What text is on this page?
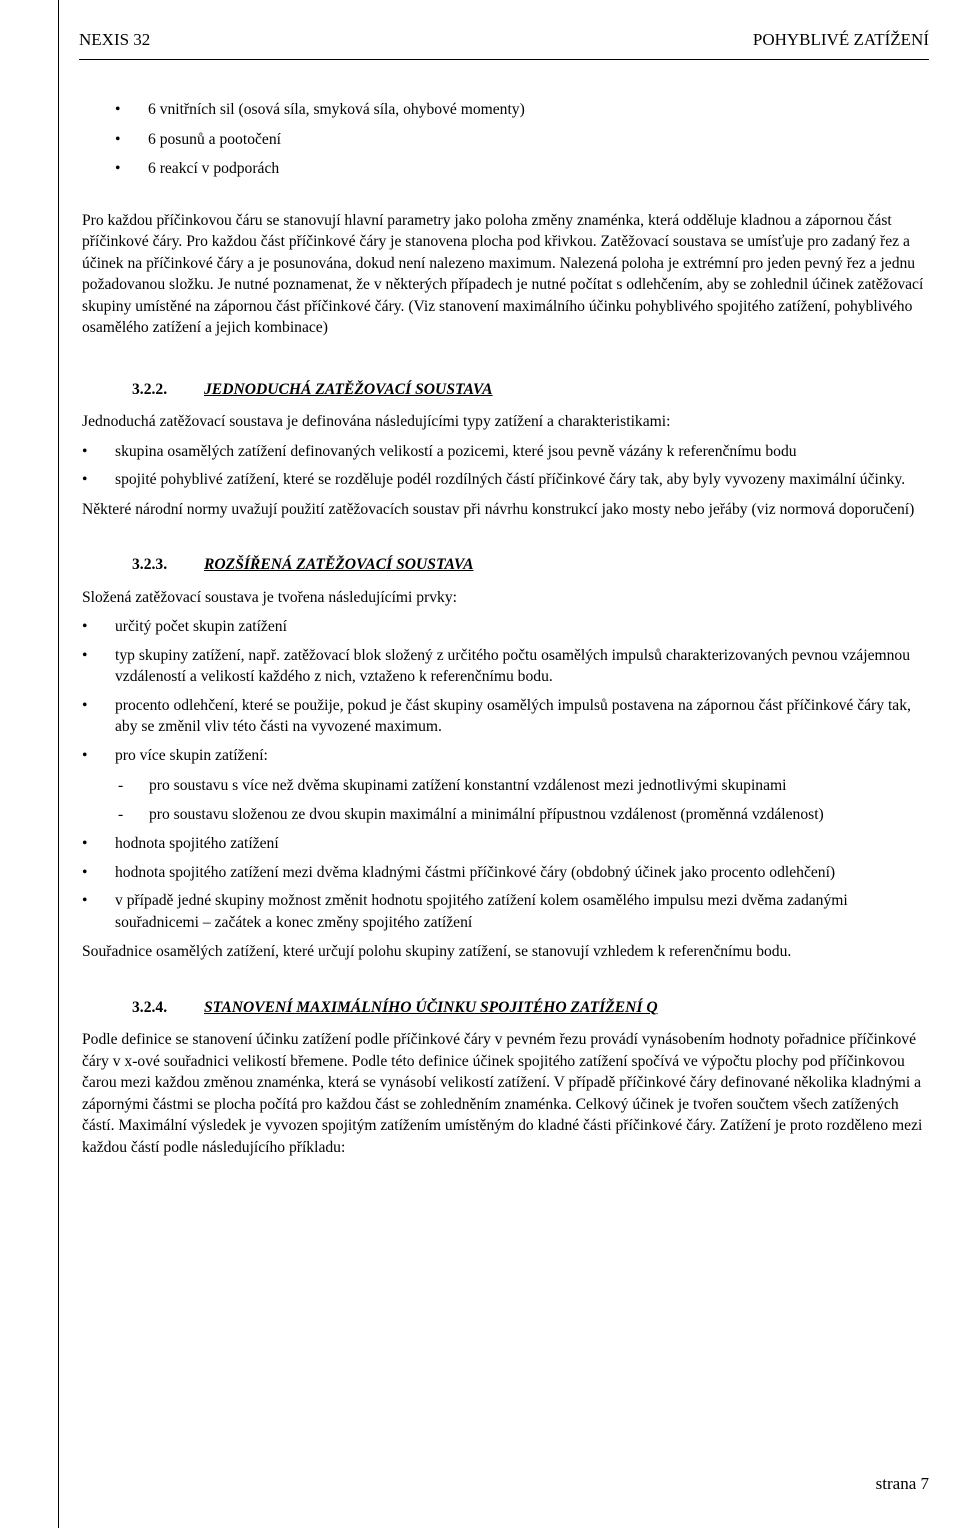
NEXIS 32	POHYBLIVÉ ZATÍŽENÍ
• 6 vnitřních sil (osová síla, smyková síla, ohybové momenty)
• 6 posunů a pootočení
• 6 reakcí v podporách

Pro každou příčinkovou čáru se stanovují hlavní parametry jako poloha změny znaménka, která odděluje kladnou a zápornou část příčinkové čáry. Pro každou část příčinkové čáry je stanovena plocha pod křivkou. Zatěžovací soustava se umísťuje pro zadaný řez a účinek na příčinkové čáry a je posunována, dokud není nalezeno maximum. Nalezená poloha je extrémní pro jeden pevný řez a jednu požadovanou složku. Je nutné poznamenat, že v některých případech je nutné počítat s odlehčením, aby se zohlednil účinek zatěžovací skupiny umístěné na zápornou část příčinkové čáry. (Viz stanovení maximálního účinku pohyblivého spojitého zatížení, pohyblivého osamělého zatížení a jejich kombinace)

3.2.2. JEDNODUCHÁ ZATĚŽOVACÍ SOUSTAVA

Jednoduchá zatěžovací soustava je definována následujícími typy zatížení a charakteristikami:

• skupina osamělých zatížení definovaných velikostí a pozicemi, které jsou pevně vázány k referenčnímu bodu
• spojité pohyblivé zatížení, které se rozděluje podél rozdílných částí příčinkové čáry tak, aby byly vyvozeny maximální účinky.

Některé národní normy uvažují použití zatěžovacích soustav při návrhu konstrukcí jako mosty nebo jeřáby (viz normová doporučení)

3.2.3. ROZŠÍŘENÁ ZATĚŽOVACÍ SOUSTAVA

Složená zatěžovací soustava je tvořena následujícími prvky:

• určitý počet skupin zatížení
• typ skupiny zatížení, např. zatěžovací blok složený z určitého počtu osamělých impulsů charakterizovaných pevnou vzájemnou vzdáleností a velikostí každého z nich, vztaženo k referenčnímu bodu.
• procento odlehčení, které se použije, pokud je část skupiny osamělých impulsů postavena na zápornou část příčinkové čáry tak, aby se změnil vliv této části na vyvozené maximum.
• pro více skupin zatížení:
- pro soustavu s více než dvěma skupinami zatížení konstantní vzdálenost mezi jednotlivými skupinami
- pro soustavu složenou ze dvou skupin maximální a minimální přípustnou vzdálenost (proměnná vzdálenost)
• hodnota spojitého zatížení
• hodnota spojitého zatížení mezi dvěma kladnými částmi příčinkové čáry (obdobný účinek jako procento odlehčení)
• v případě jedné skupiny možnost změnit hodnotu spojitého zatížení kolem osamělého impulsu mezi dvěma zadanými souřadnicemi – začátek a konec změny spojitého zatížení

Souřadnice osamělých zatížení, které určují polohu skupiny zatížení, se stanovují vzhledem k referenčnímu bodu.

3.2.4. STANOVENÍ MAXIMÁLNÍHO ÚČINKU SPOJITÉHO ZATÍŽENÍ Q

Podle definice se stanovení účinku zatížení podle příčinkové čáry v pevném řezu provádí vynásobením hodnoty pořadnice příčinkové čáry v x-ové souřadnici velikostí břemene. Podle této definice účinek spojitého zatížení spočívá ve výpočtu plochy pod příčinkovou čarou mezi každou změnou znaménka, která se vynásobí velikostí zatížení. V případě příčinkové čáry definované několika kladnými a zápornými částmi se plocha počítá pro každou část se zohledněním znaménka. Celkový účinek je tvořen součtem všech zatížených částí. Maximální výsledek je vyvozen spojitým zatížením umístěným do kladné části příčinkové čáry. Zatížení je proto rozděleno mezi každou částí podle následujícího příkladu:

strana 7
